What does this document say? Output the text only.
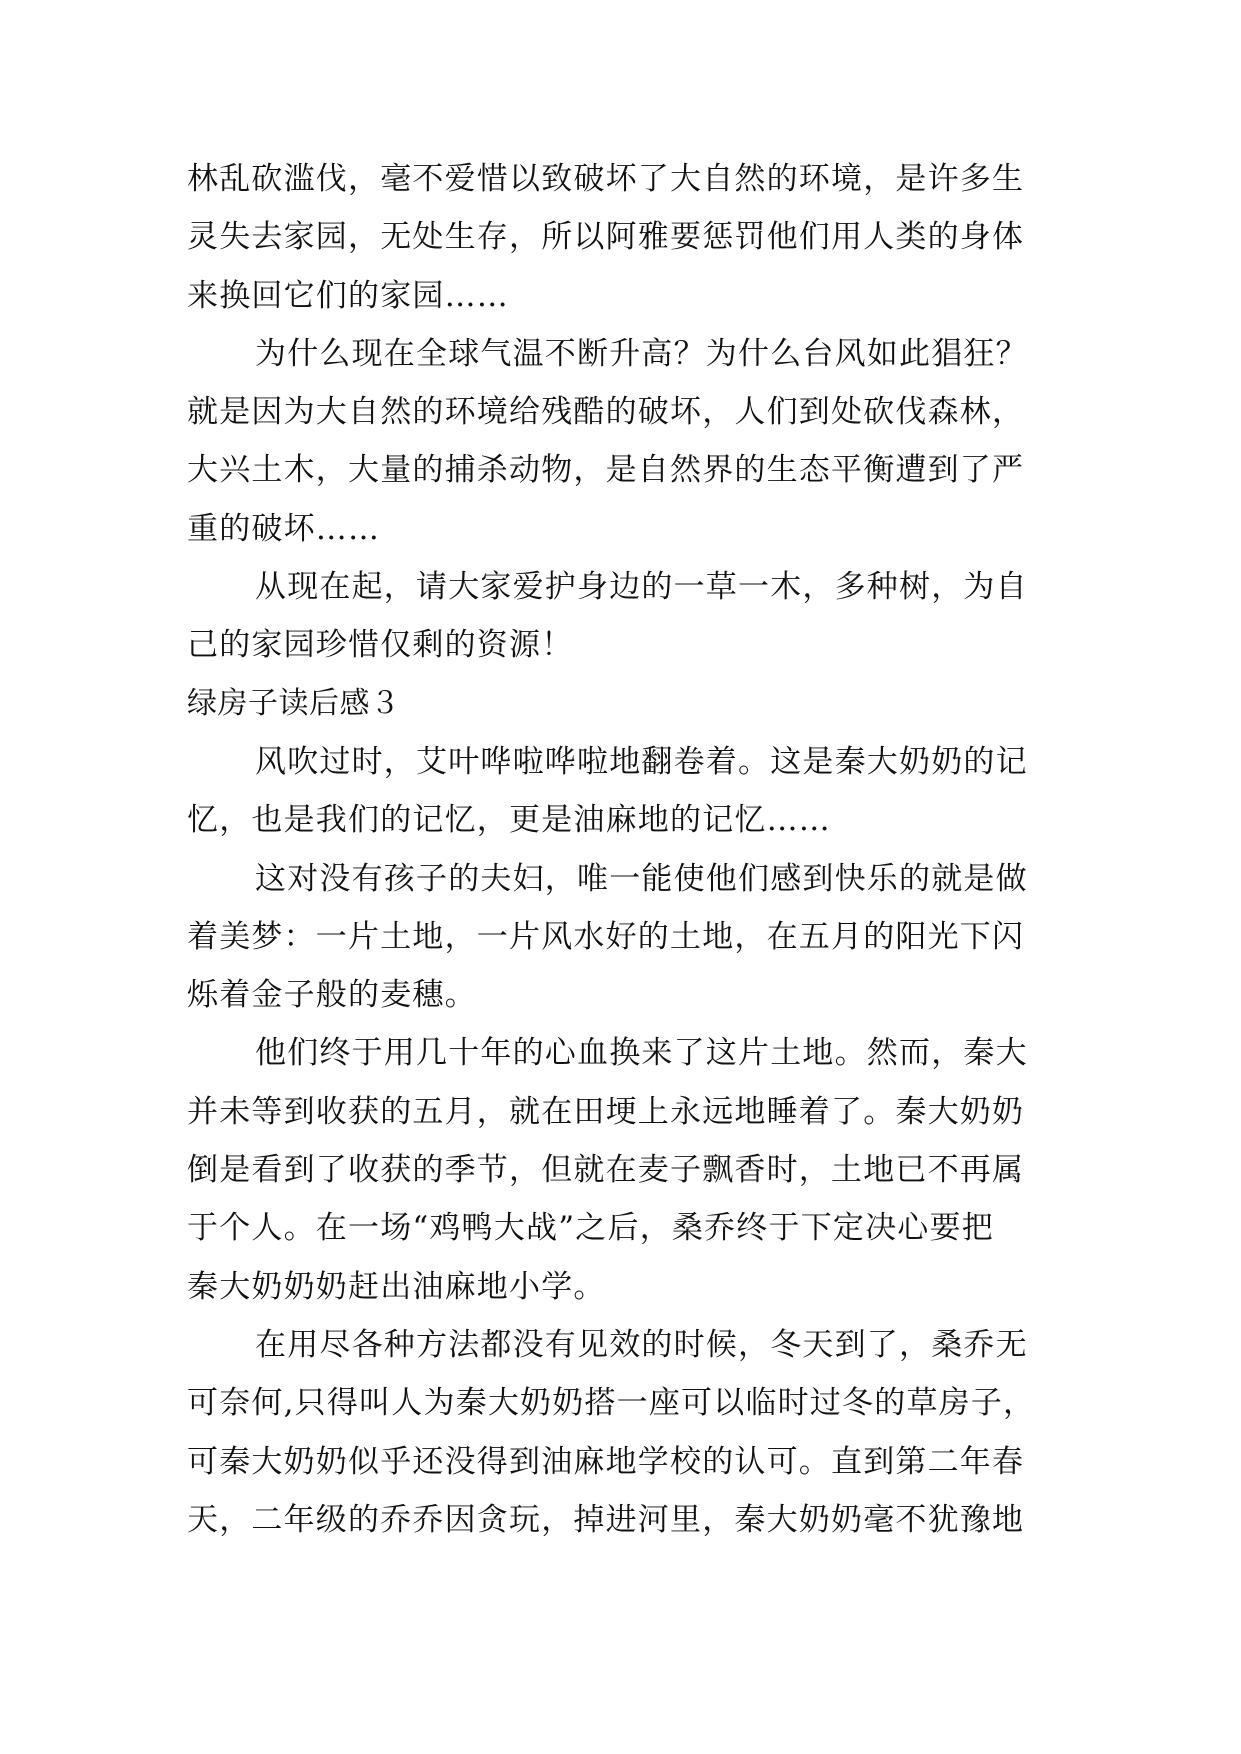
林乱砍滥伐，毫不爱惜以致破坏了大自然的环境，是许多生
灵失去家园，无处生存，所以阿雅要惩罚他们用人类的身体
来换回它们的家园……
为什么现在全球气温不断升高？为什么台风如此猖狂？
就是因为大自然的环境给残酷的破坏，人们到处砍伐森林，
大兴土木，大量的捕杀动物，是自然界的生态平衡遭到了严
重的破坏……
从现在起，请大家爱护身边的一草一木，多种树，为自
己的家园珍惜仅剩的资源！
绿房子读后感３
风吹过时，艾叶哗啦哗啦地翻卷着。这是秦大奶奶的记
忆，也是我们的记忆，更是油麻地的记忆……
这对没有孩子的夫妇，唯一能使他们感到快乐的就是做
着美梦：一片土地，一片风水好的土地，在五月的阳光下闪
烁着金子般的麦穗。
他们终于用几十年的心血换来了这片土地。然而，秦大
并未等到收获的五月，就在田埂上永远地睡着了。秦大奶奶
倒是看到了收获的季节，但就在麦子飘香时，土地已不再属
于个人。在一场“鸡鸭大战”之后，桑乔终于下定决心要把
秦大奶奶奶赶出油麻地小学。
在用尽各种方法都没有见效的时候，冬天到了，桑乔无
可奈何,只得叫人为秦大奶奶搭一座可以临时过冬的草房子，
可秦大奶奶似乎还没得到油麻地学校的认可。直到第二年春
天，二年级的乔乔因贪玩，掉进河里，秦大奶奶毫不犹豫地
